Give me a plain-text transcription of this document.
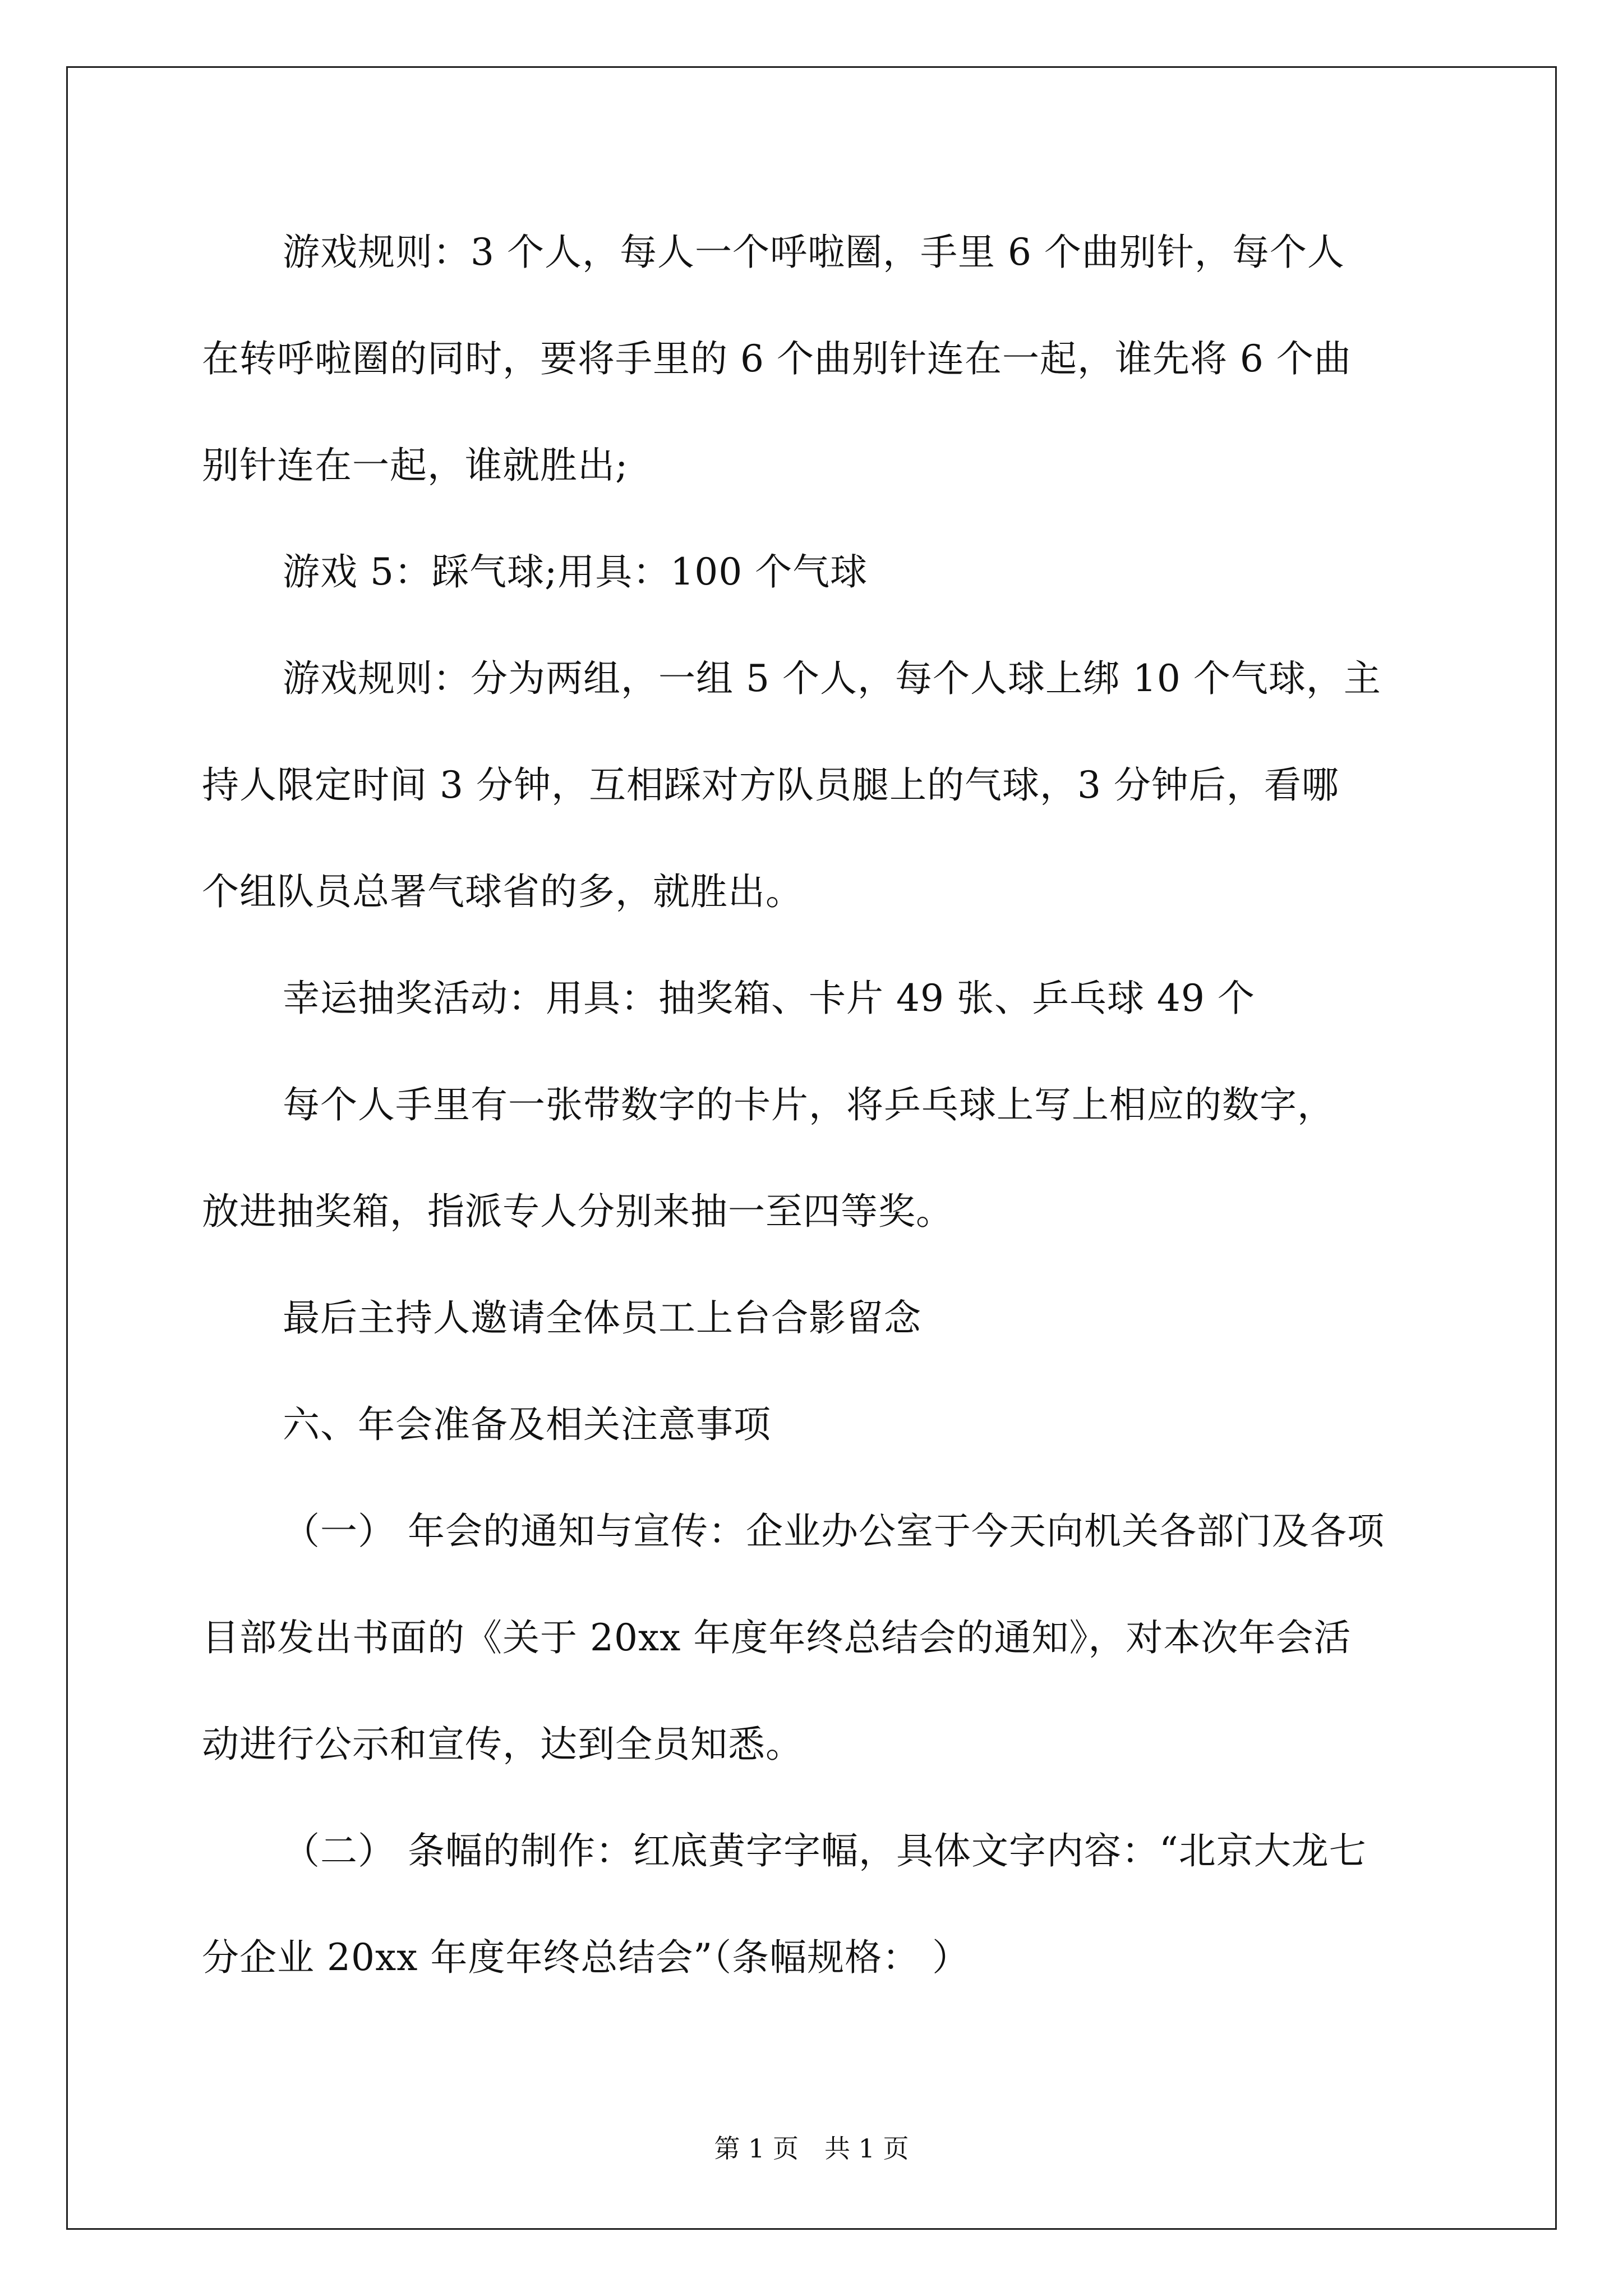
游戏规则：3 个人，每人一个呼啦圈，手里 6 个曲别针，每个人

在转呼啦圈的同时，要将手里的 6 个曲别针连在一起，谁先将 6 个曲

别针连在一起，谁就胜出;

游戏 5：踩气球;用具：100 个气球

游戏规则：分为两组，一组 5 个人，每个人球上绑 10 个气球，主

持人限定时间 3 分钟，互相踩对方队员腿上的气球，3 分钟后，看哪

个组队员总署气球省的多，就胜出。

幸运抽奖活动：用具：抽奖箱、卡片 49 张、乒乓球 49 个

每个人手里有一张带数字的卡片，将乒乓球上写上相应的数字，

放进抽奖箱，指派专人分别来抽一至四等奖。

最后主持人邀请全体员工上台合影留念

六、年会准备及相关注意事项

（一） 年会的通知与宣传：企业办公室于今天向机关各部门及各项

目部发出书面的《关于 20xx 年度年终总结会的通知》，对本次年会活

动进行公示和宣传，达到全员知悉。

（二） 条幅的制作：红底黄字字幅，具体文字内容：“北京大龙七

分企业 20xx 年度年终总结会”（条幅规格： ）

第 1 页 共 1 页
